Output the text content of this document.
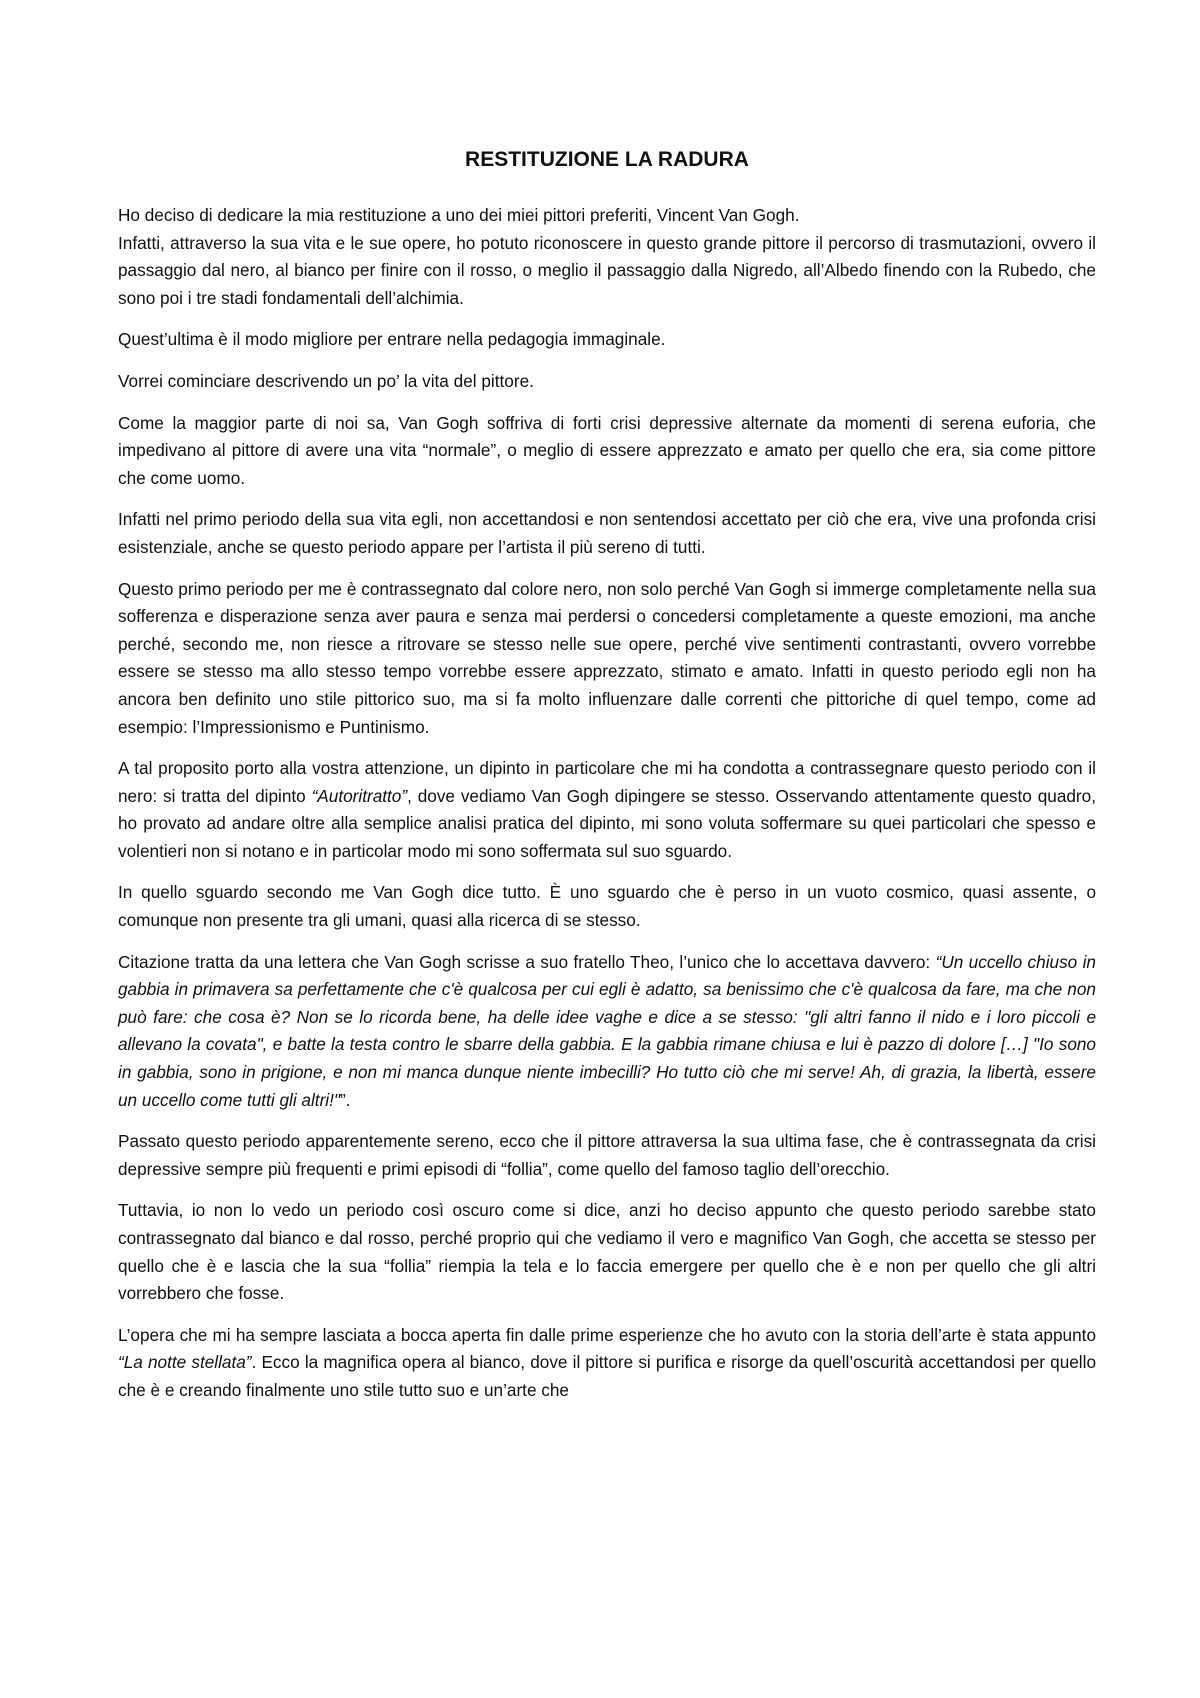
RESTITUZIONE LA RADURA

Ho deciso di dedicare la mia restituzione a uno dei miei pittori preferiti, Vincent Van Gogh.

Infatti, attraverso la sua vita e le sue opere, ho potuto riconoscere in questo grande pittore il percorso di trasmutazioni, ovvero il passaggio dal nero, al bianco per finire con il rosso, o meglio il passaggio dalla Nigredo, all’Albedo finendo con la Rubedo, che sono poi i tre stadi fondamentali dell’alchimia.

Quest’ultima è il modo migliore per entrare nella pedagogia immaginale.

Vorrei cominciare descrivendo un po’ la vita del pittore.

Come la maggior parte di noi sa, Van Gogh soffriva di forti crisi depressive alternate da momenti di serena euforia, che impedivano al pittore di avere una vita “normale”, o meglio di essere apprezzato e amato per quello che era, sia come pittore che come uomo.

Infatti nel primo periodo della sua vita egli, non accettandosi e non sentendosi accettato per ciò che era, vive una profonda crisi esistenziale, anche se questo periodo appare per l’artista il più sereno di tutti.

Questo primo periodo per me è contrassegnato dal colore nero, non solo perché Van Gogh si immerge completamente nella sua sofferenza e disperazione senza aver paura e senza mai perdersi o concedersi completamente a queste emozioni, ma anche perché, secondo me, non riesce a ritrovare se stesso nelle sue opere, perché vive sentimenti contrastanti, ovvero vorrebbe essere se stesso ma allo stesso tempo vorrebbe essere apprezzato, stimato e amato. Infatti in questo periodo egli non ha ancora ben definito uno stile pittorico suo, ma si fa molto influenzare dalle correnti che pittoriche di quel tempo, come ad esempio: l’Impressionismo e Puntinismo.

A tal proposito porto alla vostra attenzione, un dipinto in particolare che mi ha condotta a contrassegnare questo periodo con il nero: si tratta del dipinto “Autoritratto”, dove vediamo Van Gogh dipingere se stesso. Osservando attentamente questo quadro, ho provato ad andare oltre alla semplice analisi pratica del dipinto, mi sono voluta soffermare su quei particolari che spesso e volentieri non si notano e in particolar modo mi sono soffermata sul suo sguardo.

In quello sguardo secondo me Van Gogh dice tutto. È uno sguardo che è perso in un vuoto cosmico, quasi assente, o comunque non presente tra gli umani, quasi alla ricerca di se stesso.

Citazione tratta da una lettera che Van Gogh scrisse a suo fratello Theo, l’unico che lo accettava davvero: “Un uccello chiuso in gabbia in primavera sa perfettamente che c'è qualcosa per cui egli è adatto, sa benissimo che c'è qualcosa da fare, ma che non può fare: che cosa è? Non se lo ricorda bene, ha delle idee vaghe e dice a se stesso: "gli altri fanno il nido e i loro piccoli e allevano la covata", e batte la testa contro le sbarre della gabbia. E la gabbia rimane chiusa e lui è pazzo di dolore […] "Io sono in gabbia, sono in prigione, e non mi manca dunque niente imbecilli? Ho tutto ciò che mi serve! Ah, di grazia, la libertà, essere un uccello come tutti gli altri!"”.

Passato questo periodo apparentemente sereno, ecco che il pittore attraversa la sua ultima fase, che è contrassegnata da crisi depressive sempre più frequenti e primi episodi di “follia”, come quello del famoso taglio dell’orecchio.

Tuttavia, io non lo vedo un periodo così oscuro come si dice, anzi ho deciso appunto che questo periodo sarebbe stato contrassegnato dal bianco e dal rosso, perché proprio qui che vediamo il vero e magnifico Van Gogh, che accetta se stesso per quello che è e lascia che la sua “follia” riempia la tela e lo faccia emergere per quello che è e non per quello che gli altri vorrebbero che fosse.

L’opera che mi ha sempre lasciata a bocca aperta fin dalle prime esperienze che ho avuto con la storia dell’arte è stata appunto “La notte stellata”. Ecco la magnifica opera al bianco, dove il pittore si purifica e risorge da quell’oscurità accettandosi per quello che è e creando finalmente uno stile tutto suo e un’arte che
